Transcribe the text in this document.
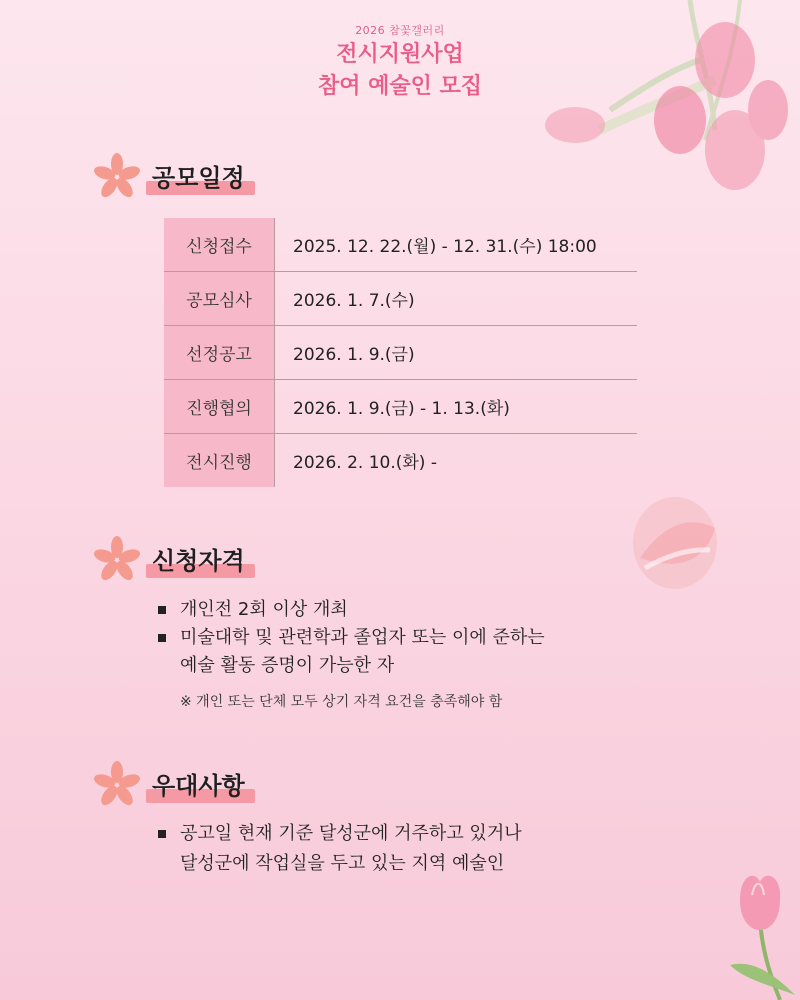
2026 참꽃갤러리
전시지원사업
참여 예술인 모집
공모일정
신청접수	2025. 12. 22.(월) - 12. 31.(수) 18:00
공모심사	2026. 1. 7.(수)
선정공고	2026. 1. 9.(금)
진행협의	2026. 1. 9.(금) - 1. 13.(화)
전시진행	2026. 2. 10.(화) -
신청자격
개인전 2회 이상 개최
미술대학 및 관련학과 졸업자 또는 이에 준하는
예술 활동 증명이 가능한 자
※ 개인 또는 단체 모두 상기 자격 요건을 충족해야 함
우대사항
공고일 현재 기준 달성군에 거주하고 있거나
달성군에 작업실을 두고 있는 지역 예술인
